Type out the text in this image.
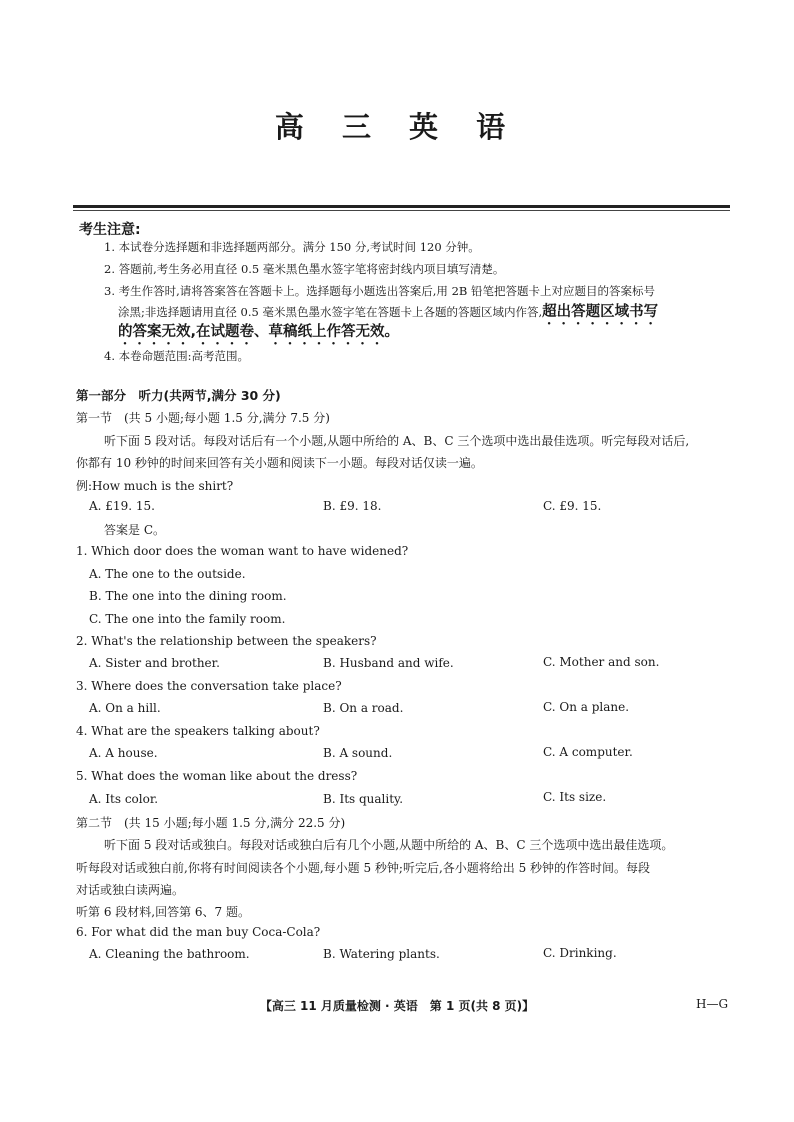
高 三 英 语
考生注意:
1. 本试卷分选择题和非选择题两部分。满分 150 分,考试时间 120 分钟。
2. 答题前,考生务必用直径 0.5 毫米黑色墨水签字笔将密封线内项目填写清楚。
3. 考生作答时,请将答案答在答题卡上。选择题每小题选出答案后,用 2B 铅笔把答题卡上对应题目的答案标号
涂黑;非选择题请用直径 0.5 毫米黑色墨水签字笔在答题卡上各题的答题区域内作答,超出答题区域书写
的答案无效,在试题卷、草稿纸上作答无效。
4. 本卷命题范围:高考范围。
第一部分　听力(共两节,满分 30 分)
第一节　(共 5 小题;每小题 1.5 分,满分 7.5 分)
听下面 5 段对话。每段对话后有一个小题,从题中所给的 A、B、C 三个选项中选出最佳选项。听完每段对话后,
你都有 10 秒钟的时间来回答有关小题和阅读下一小题。每段对话仅读一遍。
例:How much is the shirt?
A. £19. 15.	B. £9. 18.	C. £9. 15.
答案是 C。
1. Which door does the woman want to have widened?
A. The one to the outside.
B. The one into the dining room.
C. The one into the family room.
2. What's the relationship between the speakers?
A. Sister and brother.	B. Husband and wife.	C. Mother and son.
3. Where does the conversation take place?
A. On a hill.	B. On a road.	C. On a plane.
4. What are the speakers talking about?
A. A house.	B. A sound.	C. A computer.
5. What does the woman like about the dress?
A. Its color.	B. Its quality.	C. Its size.
第二节　(共 15 小题;每小题 1.5 分,满分 22.5 分)
听下面 5 段对话或独白。每段对话或独白后有几个小题,从题中所给的 A、B、C 三个选项中选出最佳选项。
听每段对话或独白前,你将有时间阅读各个小题,每小题 5 秒钟;听完后,各小题将给出 5 秒钟的作答时间。每段
对话或独白读两遍。
听第 6 段材料,回答第 6、7 题。
6. For what did the man buy Coca-Cola?
A. Cleaning the bathroom.	B. Watering plants.	C. Drinking.
【高三 11 月质量检测 · 英语　第 1 页(共 8 页)】	H—G
